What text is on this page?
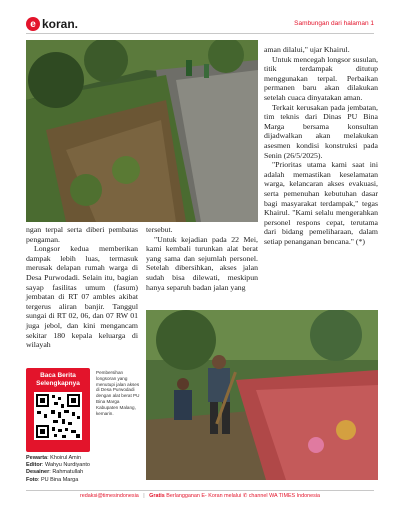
e koran.	Sambungan dari halaman 1

ngan terpal serta diberi pembatas pengaman.

Longsor kedua memberikan dampak lebih luas, termasuk merusak delapan rumah warga di Desa Purwodadi. Selain itu, bagian sayap fasilitas umum (fasum) jembatan di RT 07 ambles akibat tergerus aliran banjir. Tanggul sungai di RT 02, 06, dan 07 RW 01 juga jebol, dan kini mengancam sekitar 180 kepala keluarga di wilayah

tersebut.

"Untuk kejadian pada 22 Mei, kami kembali turunkan alat berat yang sama dan sejumlah personel. Setelah dibersihkan, akses jalan sudah bisa dilewati, meskipun hanya separuh badan jalan yang

aman dilalui," ujar Khairul.

Untuk mencegah longsor susulan, titik terdampak ditutup menggunakan terpal. Perbaikan permanen baru akan dilakukan setelah cuaca dinyatakan aman.

Terkait kerusakan pada jembatan, tim teknis dari Dinas PU Bina Marga bersama konsultan dijadwalkan akan melakukan asesmen kondisi konstruksi pada Senin (26/5/2025).

"Prioritas utama kami saat ini adalah memastikan keselamatan warga, kelancaran akses evakuasi, serta pemenuhan kebutuhan dasar bagi masyarakat terdampak," tegas Khairul. "Kami selalu mengerahkan personel respons cepat, terutama dari bidang pemeliharaan, dalam setiap penanganan bencana." (*)

Baca Berita
Selengkapnya
Pembersihan longsoran yang menutupi jalan akses di Desa Purwodadi dengan alat berat PU Bina Marga Kabupaten Malang, kemarin.
Pewarta: Khoirul Amin
Editor: Wahyu Nurdiyanto
Desainer: Rahmatullah
Foto: PU Bina Marga
redaksi@timesindonesia | Gratis Berlangganan E- Koran melalui ✆ channel WA TIMES Indonesia
